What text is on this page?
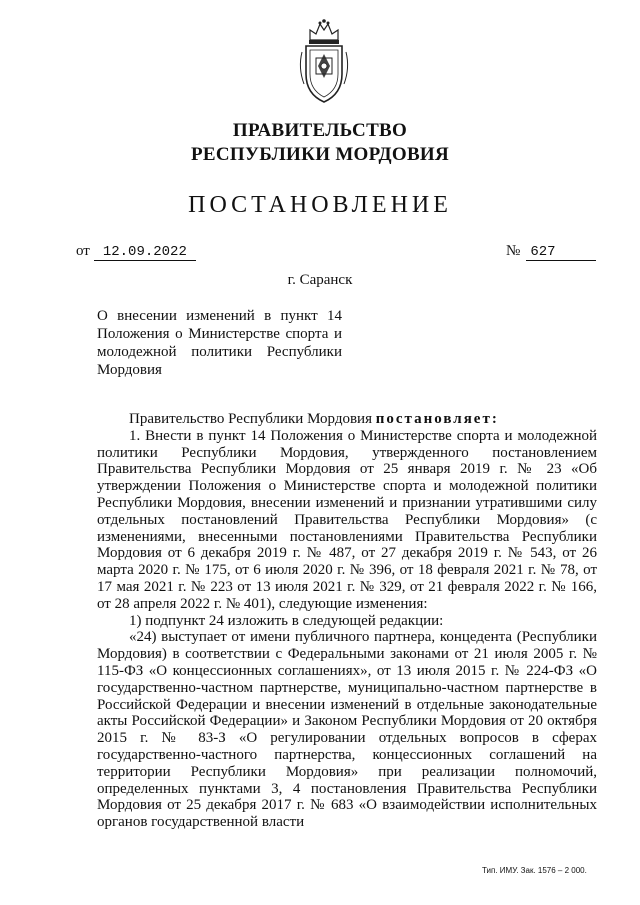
ПРАВИТЕЛЬСТВО
РЕСПУБЛИКИ МОРДОВИЯ
ПОСТАНОВЛЕНИЕ
от 12.09.2022	№ 627
г. Саранск
О внесении изменений в пункт 14 Положения о Министерстве спорта и молодежной политики Республики Мордовия

Правительство Республики Мордовия постановляет:

1. Внести в пункт 14 Положения о Министерстве спорта и молодежной политики Республики Мордовия, утвержденного постановлением Правительства Республики Мордовия от 25 января 2019 г. № 23 «Об утверждении Положения о Министерстве спорта и молодежной политики Республики Мордовия, внесении изменений и признании утратившими силу отдельных постановлений Правительства Республики Мордовия» (с изменениями, внесенными постановлениями Правительства Республики Мордовия от 6 декабря 2019 г. № 487, от 27 декабря 2019 г. № 543, от 26 марта 2020 г. № 175, от 6 июля 2020 г. № 396, от 18 февраля 2021 г. № 78, от 17 мая 2021 г. № 223 от 13 июля 2021 г. № 329, от 21 февраля 2022 г. № 166, от 28 апреля 2022 г. № 401), следующие изменения:

1) подпункт 24 изложить в следующей редакции:

«24) выступает от имени публичного партнера, концедента (Республики Мордовия) в соответствии с Федеральными законами от 21 июля 2005 г. № 115-ФЗ «О концессионных соглашениях», от 13 июля 2015 г. № 224-ФЗ «О государственно-частном партнерстве, муниципально-частном партнерстве в Российской Федерации и внесении изменений в отдельные законодательные акты Российской Федерации» и Законом Республики Мордовия от 20 октября 2015 г. № 83-З «О регулировании отдельных вопросов в сферах государственно-частного партнерства, концессионных соглашений на территории Республики Мордовия» при реализации полномочий, определенных пунктами 3, 4 постановления Правительства Республики Мордовия от 25 декабря 2017 г. № 683 «О взаимодействии исполнительных органов государственной власти

Тип. ИМУ. Зак. 1576 – 2 000.
